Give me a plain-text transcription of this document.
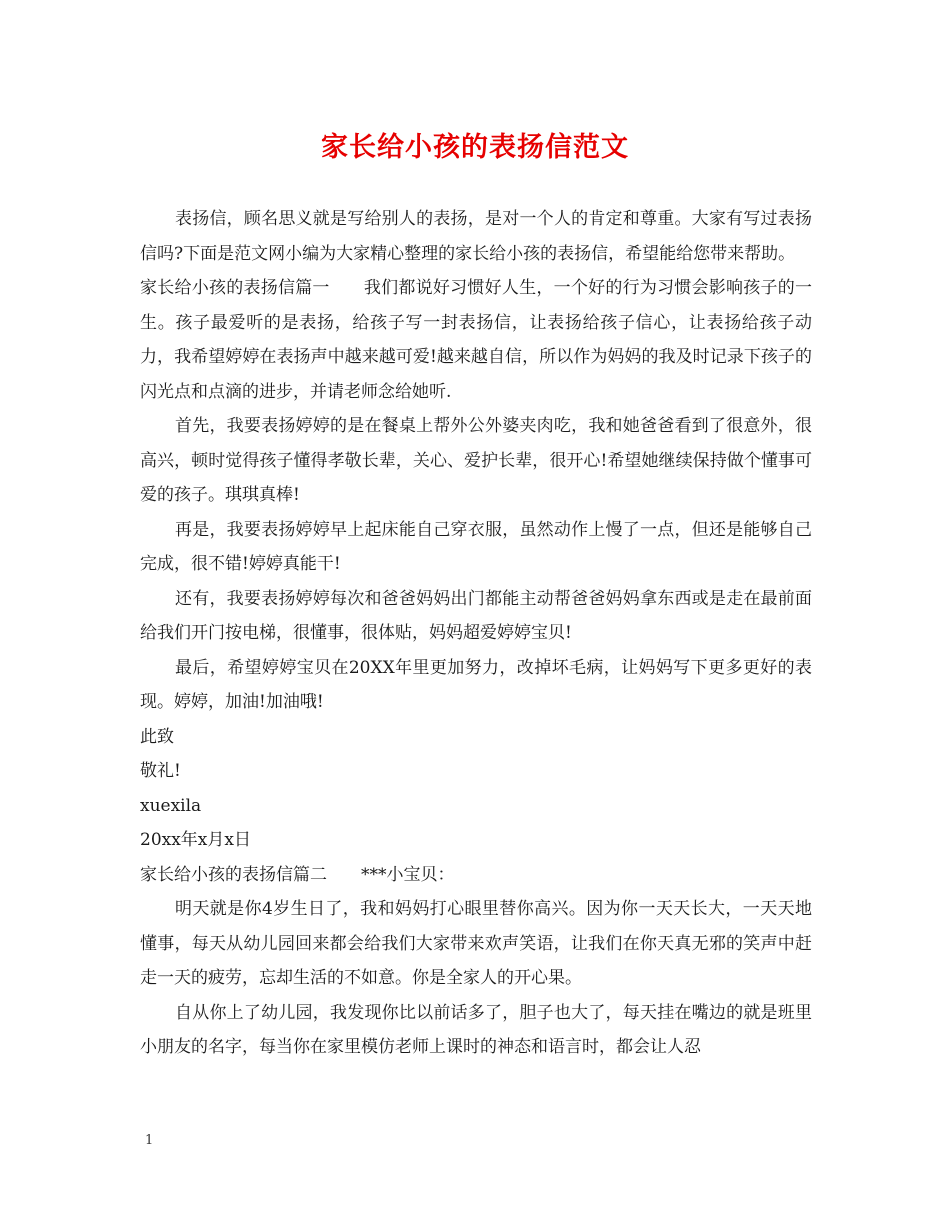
家长给小孩的表扬信范文

表扬信，顾名思义就是写给别人的表扬，是对一个人的肯定和尊重。大家有写过表扬信吗?下面是范文网小编为大家精心整理的家长给小孩的表扬信，希望能给您带来帮助。

家长给小孩的表扬信篇一 我们都说好习惯好人生，一个好的行为习惯会影响孩子的一生。孩子最爱听的是表扬，给孩子写一封表扬信，让表扬给孩子信心，让表扬给孩子动力，我希望婷婷在表扬声中越来越可爱!越来越自信，所以作为妈妈的我及时记录下孩子的闪光点和点滴的进步，并请老师念给她听.

首先，我要表扬婷婷的是在餐桌上帮外公外婆夹肉吃，我和她爸爸看到了很意外，很高兴，顿时觉得孩子懂得孝敬长辈，关心、爱护长辈，很开心!希望她继续保持做个懂事可爱的孩子。琪琪真棒!

再是，我要表扬婷婷早上起床能自己穿衣服，虽然动作上慢了一点，但还是能够自己完成，很不错!婷婷真能干!

还有，我要表扬婷婷每次和爸爸妈妈出门都能主动帮爸爸妈妈拿东西或是走在最前面给我们开门按电梯，很懂事，很体贴，妈妈超爱婷婷宝贝!

最后，希望婷婷宝贝在20XX年里更加努力，改掉坏毛病，让妈妈写下更多更好的表现。婷婷，加油!加油哦!

此致

敬礼!

xuexila

20xx年x月x日

家长给小孩的表扬信篇二 ***小宝贝：

明天就是你4岁生日了，我和妈妈打心眼里替你高兴。因为你一天天长大，一天天地懂事，每天从幼儿园回来都会给我们大家带来欢声笑语，让我们在你天真无邪的笑声中赶走一天的疲劳，忘却生活的不如意。你是全家人的开心果。

自从你上了幼儿园，我发现你比以前话多了，胆子也大了，每天挂在嘴边的就是班里小朋友的名字，每当你在家里模仿老师上课时的神态和语言时，都会让人忍

1
